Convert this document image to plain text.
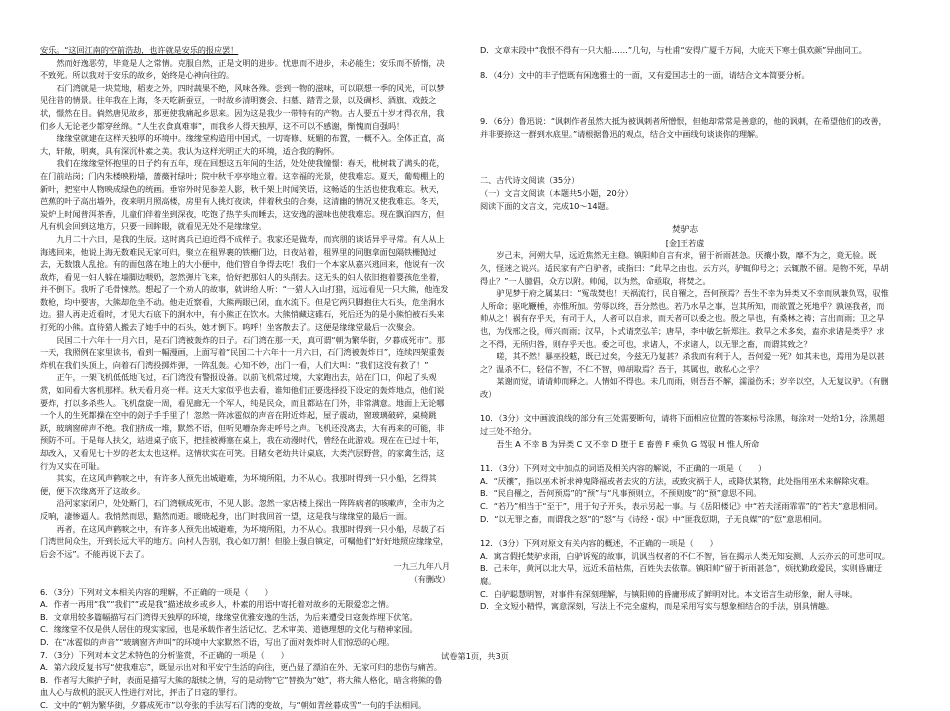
安乐。“这回江南的空前浩劫，也许就是安乐的报应罢！

然而好逸恶劳，毕竟是人之常情。克服自然，正是文明的进步。忧患而不进步，未必能生；安乐而不骄惰，决不致死。所以我对于安乐的故乡，始终是心神向往的。

石门湾就是一块荒地，稻麦之外，四时蔬果不绝，风味各殊。尝到一物的滋味，可以联想一季的风光，可以梦见往昔的情景。往年我在上海，冬天吃新蚕豆，一时故乡清明赛会、扫墓、踏青之景，以及碉杉、酒旗、戏鼓之状，憬然在目。倘然唐见故乡，那更使我痛起乡思来。因为这是我少一带特有的产物。古人要五十岁才得衣帛，我们乡人无论老少都穿丝绵。“人生衣食真难事”，而我乡人得天独厚，这不可以不感谢，惭愧而自强吗！

缘缘堂就建在这样天独厚的环境中。缘缘堂构造用中国式，一切寄修、妩媚的布置，一概不入。全体正直，高大，轩敞，明爽，具有深沉朴素之美。我认为这样光明正大的环境，适合我的胸怀。

我们在缘缘堂怀抱里的日子约有五年，现在回想这五年间的生活，处处使我憧憬：春天，枇树栽了满头的花，在门前站岗；门内朱楼映粉墙，蔷薇衬绿叶；院中秋千亭亭地立着。这幸福的光景，使我难忘。夏天，葡萄棚上的新叶，把室中人物映成绿色的统画。垂帘外时见参差人影，秋千架上时闻笑语，这畅适的生活也使我难忘。秋天，芭蕉的叶子高出墙外，夜来明月照高楼，房里有人挑灯夜读，伴着秋虫的合奏，这清幽的情况又使我难忘。冬天，炭炉上时闻普洱茶香，儿童们伴着坐到深夜，吃饱了热芋头而睡去，这安逸的滋味也使我难忘。现在飘泊四方，但凡有机会回到这地方，只要一回眸眼，就看见无处不是缘缘堂。

九月二十六日，是我的生辰。这时离兵已迫近得不成样子。我家还是做寿，而宾朋的谈话异乎寻常。有人从上海逃回来，他说上海无数难民无家可归，聚立在租界裹的铁栅门边，日夜站着，租界里的同胞拿面包隔铁栅抛过去，无数饿人乱抢。有的面包落在地上的大小便中，他们管自争得去吃！我们一个本家从嘉兴逃回来，他说有一次敌炸，看见一妇人躲在墙脚边喂奶，忽然弹片飞来，恰好把那妇人的头削去。这无头的妇人依旧抱着婴孩危坐着，并不倒下。我听了毛骨悚然。想起了一个劝人的故事，就讲给人听：“一猎人入山打猎，远远看见一只大熊，他连发数枪，均中要害，大熊却危坐不动。他走近察看，大熊两眼已闭，血水流下。但是它两只脚抱住大石头，危坐涧水边。猎人再走近看时，才见大石底下的涧水中，有小熊正在饮水。大熊悄藏这碓石，死后还为的是小熊怕被石头来打死的小熊。直待猎人搬去了她手中的石头，她才倒下。呜呼！坐客散去了。这便是缘缘堂最后一次聚会。

民国二十六年十一月六日，是石门湾被轰炸的日子。石门湾在那一天，真可谓“朝为繁华街，夕暮成死市”。那一天，我照例在家里读书，看到一幅漫画，上面写着“民国二十六年十一月六日，石门湾被轰炸日”，连续四架重轰炸机在我们头顶上，向着石门湾投掷炸弹，一阵乱轰。心知不妙，出门一看，人们大叫：“我们这没有救了！”

正午，一架飞机低低地飞过，石门湾没有警报设备。以前飞机常过境，大家跑出去，站在门口，仰起了头观赏，如同看大客机那样。秋天看月亮一样。这天大家似乎也去看，谁知他们正要选择投下设定的轰炸地点，他们说要炸，打以多杀些人。飞机盘旋一周，看见廊无一个军人，纯是民众，而且都站在门外，非常满意。地面上无论哪一个人的生死都操在空中的刽子手手里了！忽然一阵冰雹似的声音在附近炸起，屋子震动，窗玻璃破碎，桌椅跳跃，玻璃窗碎声不绝。我们挤成一堆，默然不语，但听见嘈杂奔走呼号之声。飞机还没离去，大有再来的可能，非预防不可。于是每人扶父，站进桌子底下，把挂被褥塞在桌上，我在动漫时代，曾经在此游戏。现在在已过十年，却改入，又看见七十岁的老太太也这样。这情状实在可笑。目睹女老幼共计桌底，大类汽层野营，的家禽生活，这行为又实在可耻。

其实，在这风声鹤唳之中，有许多人预先出城避难，为坏境所阻，力不从心。我那时得到一只小船，乞得其便，便下次缘离开了这故乡。

沿河家家闭户，处处断门，石门湾顿成死市，不见人影。忽然一家店楼上探出一阵阵病者的咳嗽声，全市为之反响，凄惨逼人。我悄然而思，黯然而逝。暖晓起身，出门时我回首一望，这是我与缘缘堂的最后一面。

再者，在这风声鹤唳之中，有许多人预先出城避难，为坏境所阻，力不从心。我那时得到一只小船，尽载了石门湾世间众生，开到长远大平的地方。向村人告别，我心如刀割！但脸上强自镇定，可嘱他们“好好地照应缘缘堂，后会不远”。不能再说下去了。

一九三九年八月

（有删改）

6．（3分）下列对文本相关内容的理解，不正确的一项是（　　）

A．作者一再用“我”“我们”“或是我”描述故乡或乡人，朴素的用语中寄托着对故乡的无限爱恋之情。

B．文章用较多篇幅描写石门湾得天独厚的环境，缘缘堂优雅安逸的生活，为后来遭受日寇轰炸埋下伏笔。

C．缘缘堂不仅是供人居住的现实家园，也是承载作者生活记忆、艺术审美、道德理想的文化与精神家园。

D．在“冰雹似的声音”“玻璃窗齐声叫”的环境中大家默然不语，写出了面对轰炸时人们惊恐的心理。

7．（3分）下列对本文艺术特色的分析鉴赏，不正确的一项是（　　）

A．第六段反复书写“使我难忘”，既显示出对和平安宁生活的向往，更凸显了漂泊在外、无家可归的悲伤与痛苦。

B．作者写大熊护子时，表面是描写大熊的舐犊之情，写的是动物“它”替换为“她”，将大熊人格化，暗含将熊的鲁血人心与敌机的泯灭人性进行对比，抨击了日寇的罪行。

C．文中的“朝为繁华街，夕暮成死市”以夸张的手法写石门湾的变故，与“朝如青丝暮成雪”一句的手法相同。

D．文章末段中“我恨不得有一只大船……”几句，与杜甫“安得广厦千万间，大庇天下寒士俱欢颜”异曲同工。

8．（4分）文中的丰子恺既有闲逸雅士的一面，又有爱国志士的一面，请结合文本简要分析。

9．（6分）鲁迅说：“讽刺作者虽然大抵为被讽刺者所憎恨，但他却常常是善意的，他的讽刺，在希望他们的改善，并非要捺这一群到水底里。”请根据鲁迅的观点，结合文中画线句谈谈你的理解。

二、古代诗文阅读（35分）

（一）文言文阅读（本题共5小题，20分）

阅读下面的文言文，完成10～14题。

焚驴志

[金]王若虚

岁己未，河朔大旱，远近焦然无主稳。镇阳帅自言有求，留于祈雨甚急。厌禳小数，靡不为之，竟无验。既久，怪迷之说兴。适民家有产白驴者，或指曰：“此旱之由也。云方兴，驴辄仰号之；云辄散不留。是物不死，旱胡得止？”一人臆倡，众方以附。帅闻，以为然，命亟取，将焚之。

驴见梦于府之属某曰：“冤哉焚也！天祸流行，民自罹之，吾何预焉？吾生不幸为异类又不幸而夙兼负骂，驭惟人所命；驱叱鞭棰，亦惟所加。劳辱以终，吾分然也。若乃水旱之事，岂其所知，而欲置之死地乎？孰诬我者，而帅从之！祸有存乎天，有司于人，人者可以自求，而天者可以委之也。殷之旱也，有桑林之祷；言出而雨；卫之旱也，为伐邢之役，师兴而雨；汉旱，卜式请烹弘羊；唐旱，李中敏乞斩郑注。救旱之术多矣，盍亦求诸是类乎？求之不得，无所归咎，则存乎天也。委之可也，求诸人，不求诸人，以无罪之畜，而谓其致之？

嗟，其不然！暴巫投魃，既已过矣，今兹无乃复甚？杀我而有利于人，吾何爱一死？如其未也，焉用为是以甚之？温杀不仁，轻信不智，不仁不智，帅胡取焉？吾于，其属也，敢私心之乎？

某谢而觉，请请帅而释之。人情如不得也。未几而雨，则吾吾不解，濡溢伤禾；岁辛以空，人无复议驴。（有删改）

10．（3分）文中画波浪线的部分有三处需要断句，请将下面相应位置的答案标号涂黑，每涂对一处给1分，涂黑超过三处不给分。

吾生 A 不幸 B 为异类 C 又不幸 D 堕于 E 畜兽 F 乘负 G 驾驭 H 惟人所命

11．（3分）下列对文中加点的词语及相关内容的解说，不正确的一项是（　　）

A．“厌禳”，指以巫术祈求神鬼降福或者去灾的方法，或致灾祸于人，或降伏某物，此处指用巫术来解除灾难。

B．“民自罹之，吾何预焉”的“预”与“凡事预则立，不预则废”的“预”意思不同。

C．“若乃”相当于“至于”，用于句子开头，表示另起一事。与《岳阳楼记》中“若夫淫雨霏霏”的“若夫”意思相同。

D．“以无罪之畜，而谓我之怒”的“怒”与《诗经・氓》中“匪我愆期，子无良媒”的“愆”意思相同。

12．（3分）下列对原文有关内容的概述，不正确的一项是（　　）

A．寓言假托焚驴求雨，白驴诉冤的故事，讥讽当权者的不仁不智，旨在揭示人类无知妄测、人云亦云的可悲可叹。

B．己未年，黄河以北大旱，远近禾苗枯焦，百姓失去依靠。镇阳帅“留于祈雨甚急”，烦扰勤政爱民，实则昏庸迂腐。

C．白驴聪慧明智，对事件有深刻理解，与镇阳帅的昏庸形成了鲜明对比。本文语言生动形象，耐人寻味。

D．全文短小精悍，寓意深刻，写法上不完全虚构，而是采用写实与想象相结合的手法，别具情趣。

试卷第1页，共3页
